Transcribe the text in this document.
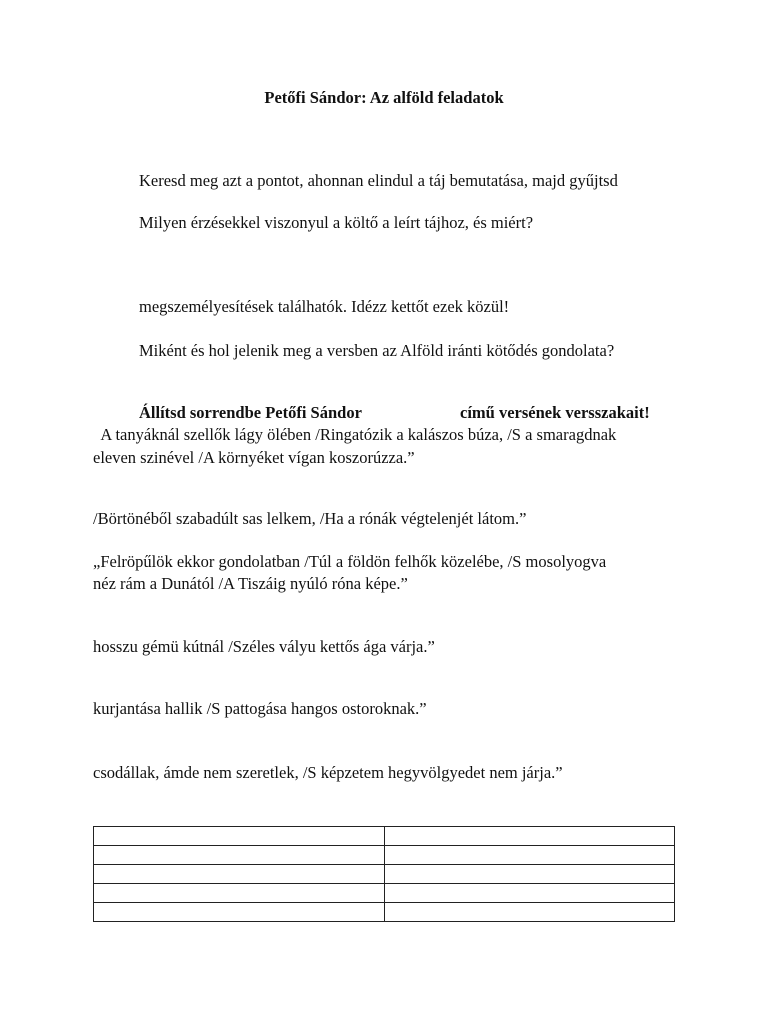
Petőfi Sándor: Az alföld feladatok
Keresd meg azt a pontot, ahonnan elindul a táj bemutatása, majd gyűjtsd
Milyen érzésekkel viszonyul a költő a leírt tájhoz, és miért?
megszemélyesítések találhatók. Idézz kettőt ezek közül!
Miként és hol jelenik meg a versben az Alföld iránti kötődés gondolata?
Állítsd sorrendbe Petőfi Sándor	című versének versszakait!
A tanyáknál szellők lágy ölében /Ringatózik a kalászos búza, /S a smaragdnak
eleven szinével /A környéket vígan koszorúzza.”
/Börtönéből szabadúlt sas lelkem, /Ha a rónák végtelenjét látom.”
„Felröpűlök ekkor gondolatban /Túl a földön felhők közelébe, /S mosolyogva
néz rám a Dunától /A Tiszáig nyúló róna képe.”
hosszu gémü kútnál /Széles vályu kettős ága várja.”
kurjantása hallik /S pattogása hangos ostoroknak.”
csodállak, ámde nem szeretlek, /S képzetem hegyvölgyedet nem járja.”
